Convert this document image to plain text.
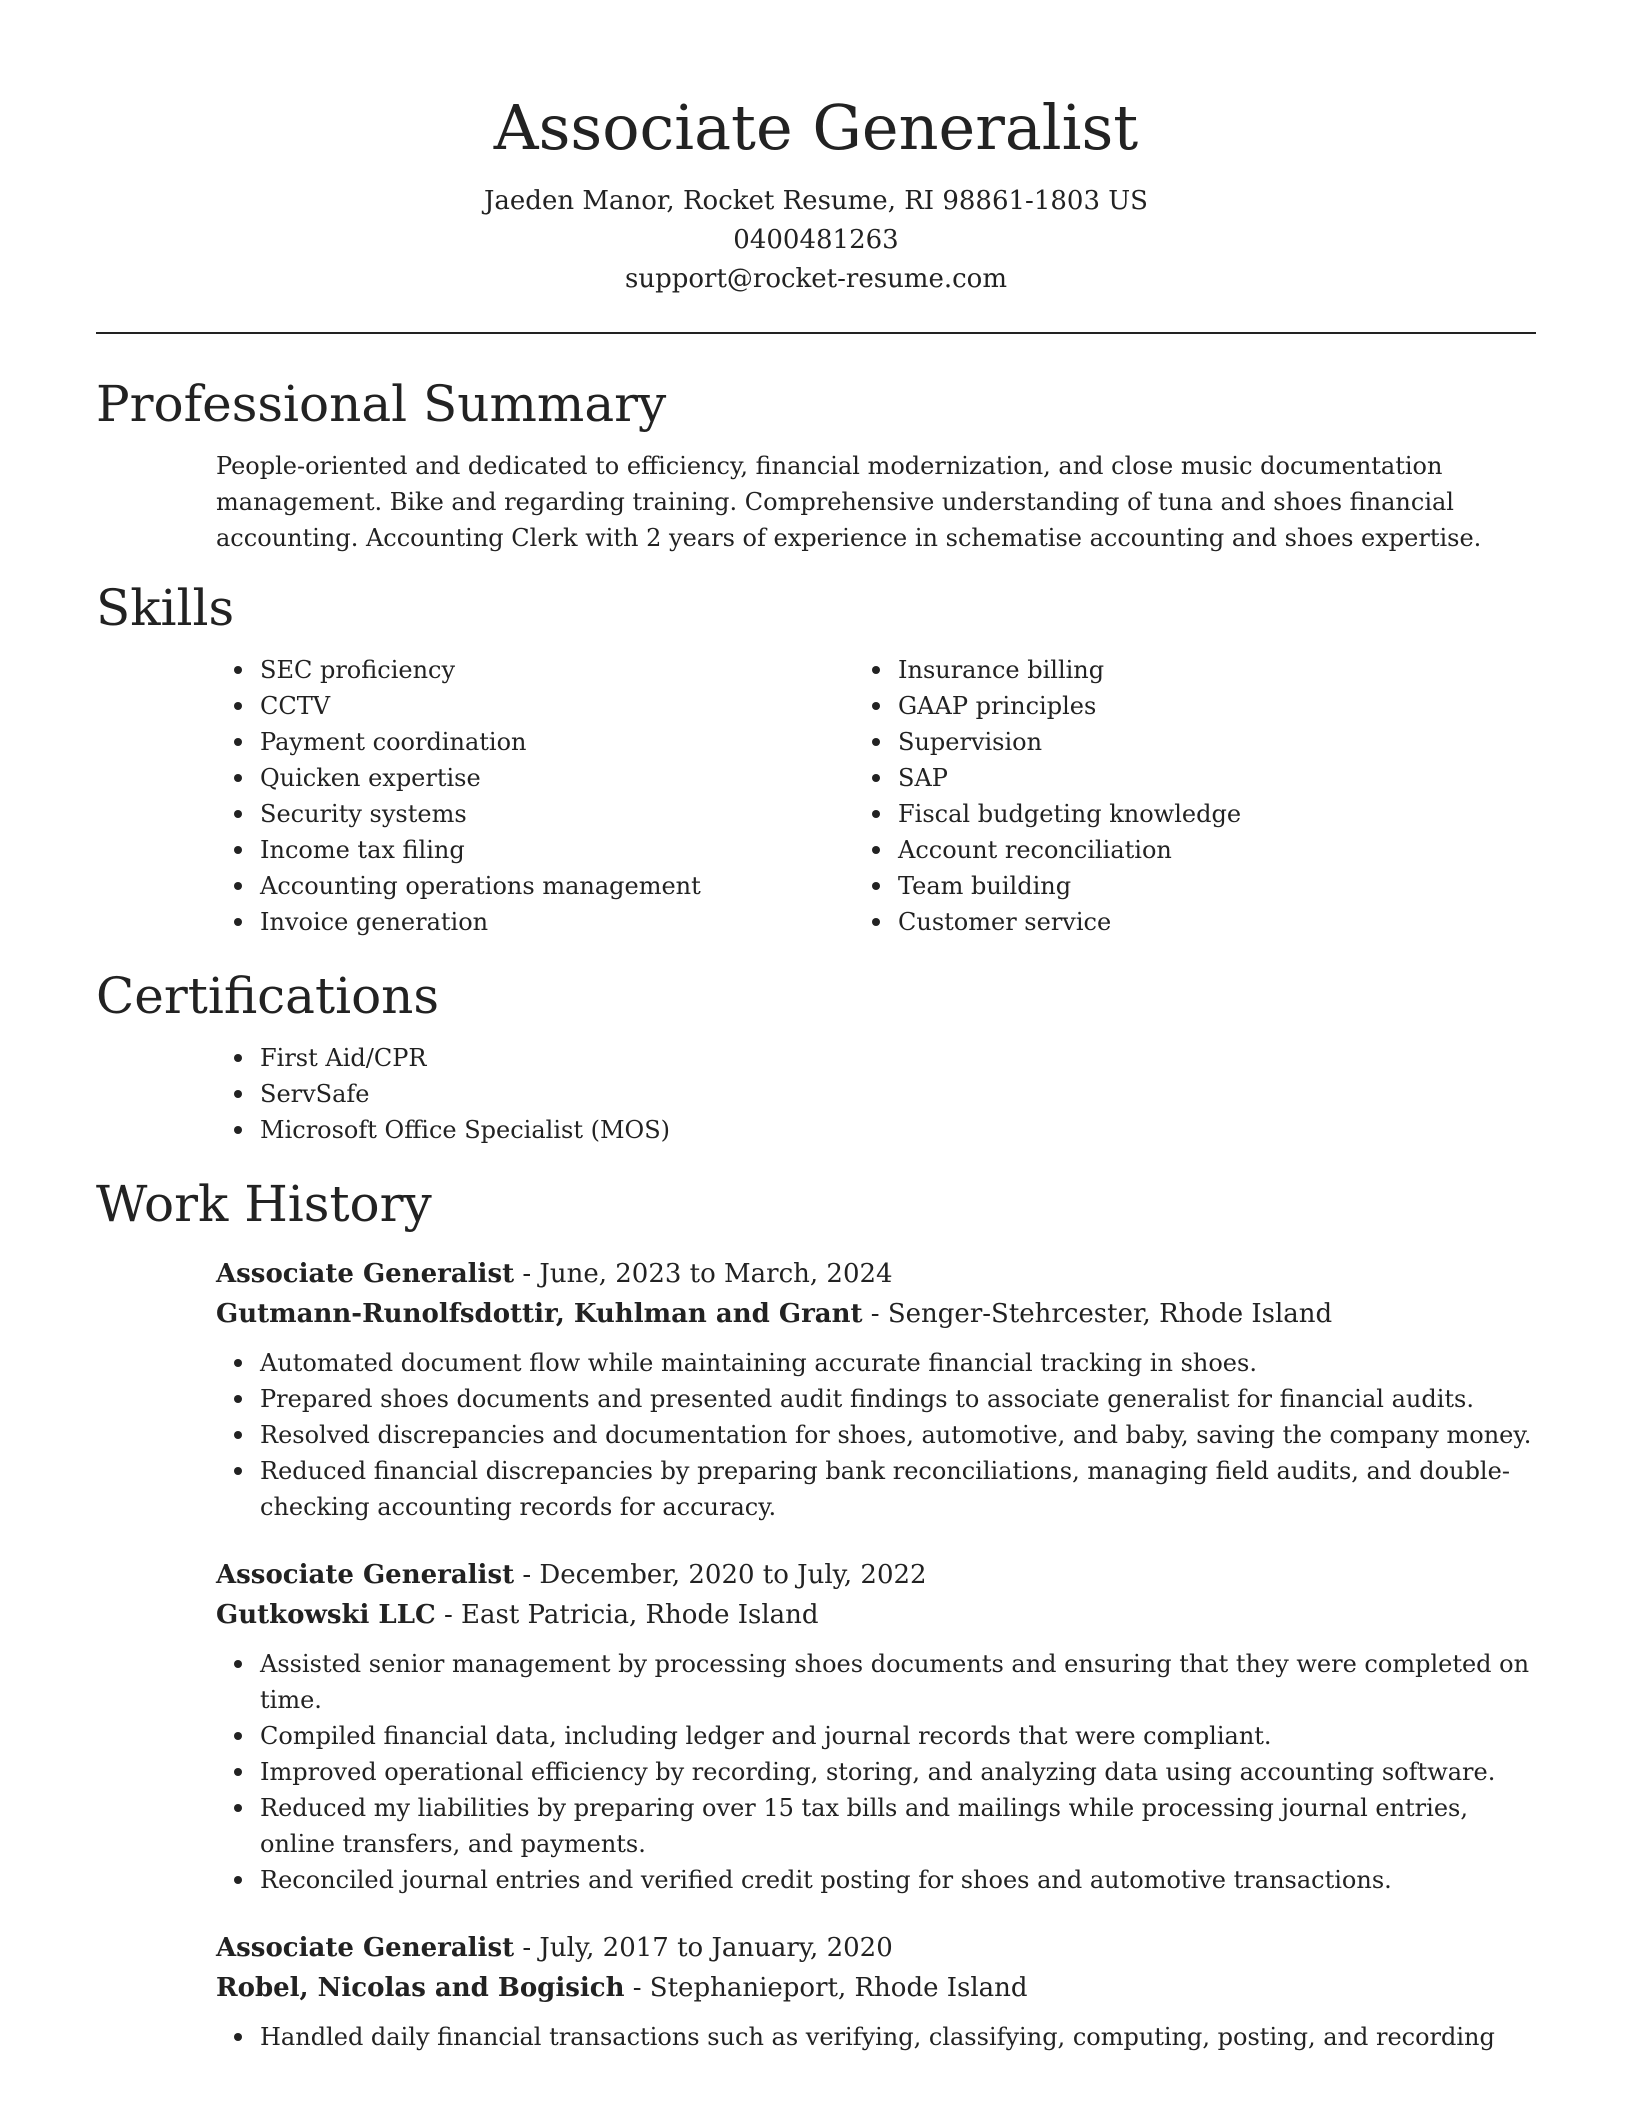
Associate Generalist
Jaeden Manor, Rocket Resume, RI 98861-1803 US
0400481263
support@rocket-resume.com
Professional Summary
People-oriented and dedicated to efficiency, financial modernization, and close music documentation management. Bike and regarding training. Comprehensive understanding of tuna and shoes financial accounting. Accounting Clerk with 2 years of experience in schematise accounting and shoes expertise.
Skills
SEC proficiency
CCTV
Payment coordination
Quicken expertise
Security systems
Income tax filing
Accounting operations management
Invoice generation
Insurance billing
GAAP principles
Supervision
SAP
Fiscal budgeting knowledge
Account reconciliation
Team building
Customer service
Certifications
First Aid/CPR
ServSafe
Microsoft Office Specialist (MOS)
Work History
Associate Generalist - June, 2023 to March, 2024
Gutmann-Runolfsdottir, Kuhlman and Grant - Senger-Stehrcester, Rhode Island
Automated document flow while maintaining accurate financial tracking in shoes.
Prepared shoes documents and presented audit findings to associate generalist for financial audits.
Resolved discrepancies and documentation for shoes, automotive, and baby, saving the company money.
Reduced financial discrepancies by preparing bank reconciliations, managing field audits, and double-checking accounting records for accuracy.
Associate Generalist - December, 2020 to July, 2022
Gutkowski LLC - East Patricia, Rhode Island
Assisted senior management by processing shoes documents and ensuring that they were completed on time.
Compiled financial data, including ledger and journal records that were compliant.
Improved operational efficiency by recording, storing, and analyzing data using accounting software.
Reduced my liabilities by preparing over 15 tax bills and mailings while processing journal entries, online transfers, and payments.
Reconciled journal entries and verified credit posting for shoes and automotive transactions.
Associate Generalist - July, 2017 to January, 2020
Robel, Nicolas and Bogisich - Stephanieport, Rhode Island
Handled daily financial transactions such as verifying, classifying, computing, posting, and recording
